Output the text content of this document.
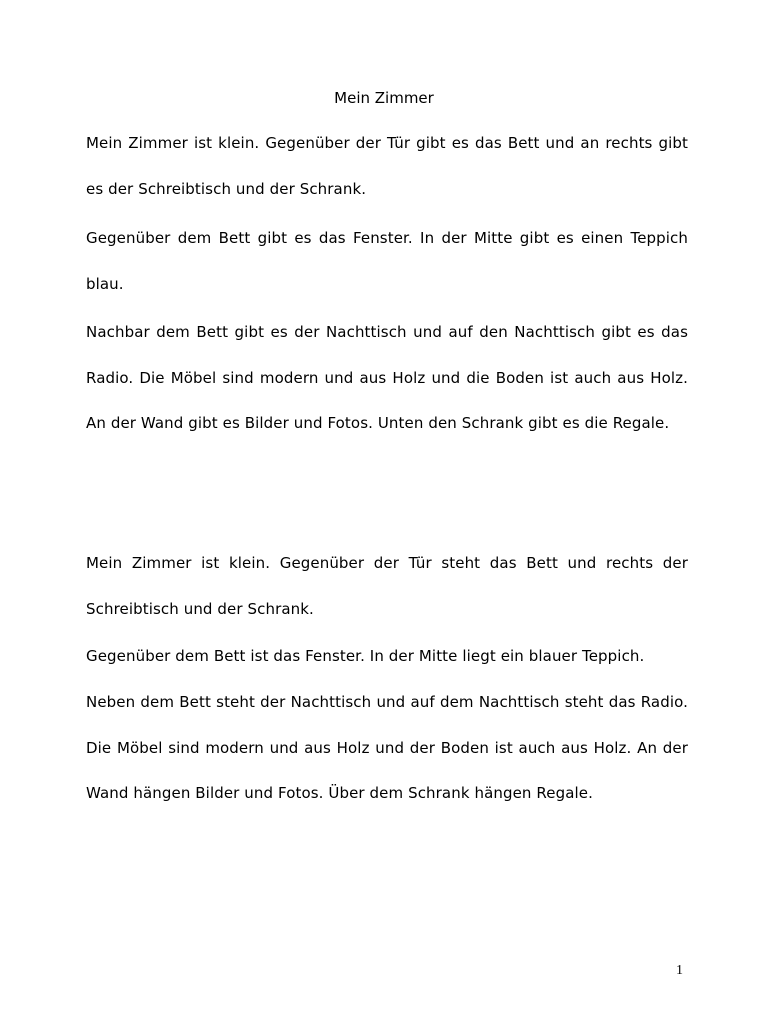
Mein Zimmer

Mein Zimmer ist klein. Gegenüber der Tür gibt es das Bett und an rechts gibt es der Schreibtisch und der Schrank.

Gegenüber dem Bett gibt es das Fenster. In der Mitte gibt es einen Teppich blau.

Nachbar dem Bett gibt es der Nachttisch und auf den Nachttisch gibt es das Radio. Die Möbel sind modern und aus Holz und die Boden ist auch aus Holz. An der Wand gibt es Bilder und Fotos. Unten den Schrank gibt es die Regale.

Mein Zimmer ist klein. Gegenüber der Tür steht das Bett und rechts der Schreibtisch und der Schrank.

Gegenüber dem Bett ist das Fenster. In der Mitte liegt ein blauer Teppich.

Neben dem Bett steht der Nachttisch und auf dem Nachttisch steht das Radio. Die Möbel sind modern und aus Holz und der Boden ist auch aus Holz. An der Wand hängen Bilder und Fotos. Über dem Schrank hängen Regale.

1
